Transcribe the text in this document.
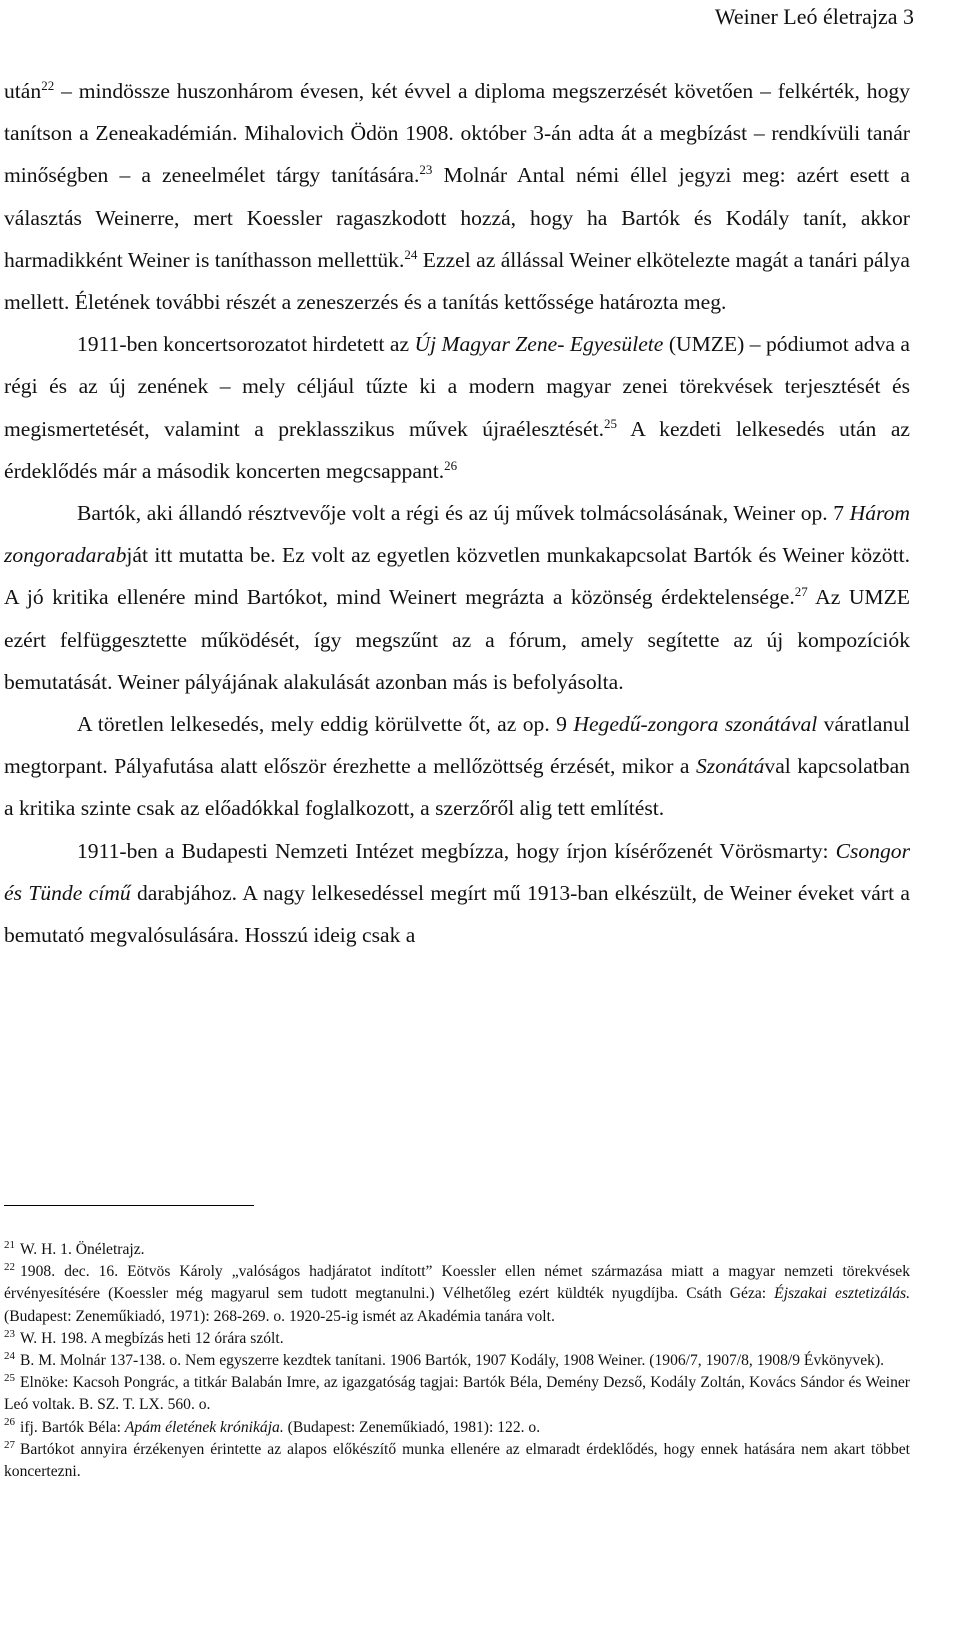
Weiner Leó életrajza 3

után$^{22}$ – mindössze huszonhárom évesen, két évvel a diploma megszerzését követően – felkérték, hogy tanítson a Zeneakadémián. Mihalovich Ödön 1908. október 3-án adta át a megbízást – rendkívüli tanár minőségben – a zeneelmélet tárgy tanítására.$^{23}$ Molnár Antal némi éllel jegyzi meg: azért esett a választás Weinerre, mert Koessler ragaszkodott hozzá, hogy ha Bartók és Kodály tanít, akkor harmadikként Weiner is taníthasson mellettük.$^{24}$ Ezzel az állással Weiner elkötelezte magát a tanári pálya mellett. Életének további részét a zeneszerzés és a tanítás kettőssége határozta meg.

1911-ben koncertsorozatot hirdetett az Új Magyar Zene- Egyesülete (UMZE) – pódiumot adva a régi és az új zenének – mely céljául tűzte ki a modern magyar zenei törekvések terjesztését és megismertetését, valamint a preklasszikus művek újraélesztését.$^{25}$ A kezdeti lelkesedés után az érdeklődés már a második koncerten megcsappant.$^{26}$

Bartók, aki állandó résztvevője volt a régi és az új művek tolmácsolásának, Weiner op. 7 Három zongoradarabját itt mutatta be. Ez volt az egyetlen közvetlen munkakapcsolat Bartók és Weiner között. A jó kritika ellenére mind Bartókot, mind Weinert megrázta a közönség érdektelensége.$^{27}$ Az UMZE ezért felfüggesztette működését, így megszűnt az a fórum, amely segítette az új kompozíciók bemutatását. Weiner pályájának alakulását azonban más is befolyásolta.

A töretlen lelkesedés, mely eddig körülvette őt, az op. 9 Hegedű-zongora szonátával váratlanul megtorpant. Pályafutása alatt először érezhette a mellőzöttség érzését, mikor a Szonátával kapcsolatban a kritika szinte csak az előadókkal foglalkozott, a szerzőről alig tett említést.

1911-ben a Budapesti Nemzeti Intézet megbízza, hogy írjon kísérőzenét Vörösmarty: Csongor és Tünde című darabjához. A nagy lelkesedéssel megírt mű 1913-ban elkészült, de Weiner éveket várt a bemutató megvalósulására. Hosszú ideig csak a

$^{21}$ W. H. 1. Önéletrajz.

$^{22}$ 1908. dec. 16. Eötvös Károly „valóságos hadjáratot indított” Koessler ellen német származása miatt a magyar nemzeti törekvések érvényesítésére (Koessler még magyarul sem tudott megtanulni.) Vélhetőleg ezért küldték nyugdíjba. Csáth Géza: Éjszakai esztetizálás. (Budapest: Zeneműkiadó, 1971): 268-269. o. 1920-25-ig ismét az Akadémia tanára volt.

$^{23}$ W. H. 198. A megbízás heti 12 órára szólt.

$^{24}$ B. M. Molnár 137-138. o. Nem egyszerre kezdtek tanítani. 1906 Bartók, 1907 Kodály, 1908 Weiner. (1906/7, 1907/8, 1908/9 Évkönyvek).

$^{25}$ Elnöke: Kacsoh Pongrác, a titkár Balabán Imre, az igazgatóság tagjai: Bartók Béla, Demény Dezső, Kodály Zoltán, Kovács Sándor és Weiner Leó voltak. B. SZ. T. LX. 560. o.

$^{26}$ ifj. Bartók Béla: Apám életének krónikája. (Budapest: Zeneműkiadó, 1981): 122. o.

$^{27}$ Bartókot annyira érzékenyen érintette az alapos előkészítő munka ellenére az elmaradt érdeklődés, hogy ennek hatására nem akart többet koncertezni.
